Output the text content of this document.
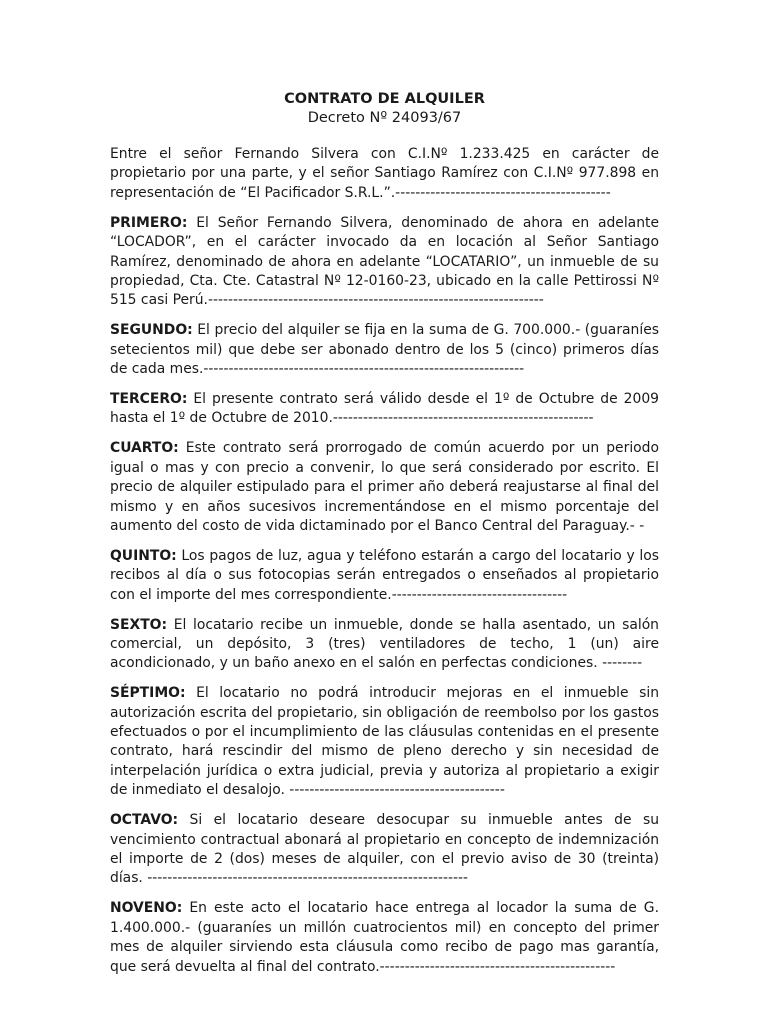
CONTRATO DE ALQUILER

Decreto Nº 24093/67

Entre el señor Fernando Silvera con C.I.Nº 1.233.425 en carácter de propietario por una parte, y el señor Santiago Ramírez con C.I.Nº 977.898 en representación de “El Pacificador S.R.L.”.-------------------------------------------

PRIMERO: El Señor Fernando Silvera, denominado de ahora en adelante “LOCADOR”, en el carácter invocado da en locación al Señor Santiago Ramírez, denominado de ahora en adelante “LOCATARIO”, un inmueble de su propiedad, Cta. Cte. Catastral Nº 12-0160-23, ubicado en la calle Pettirossi Nº 515 casi Perú.-------------------------------------------------------------------

SEGUNDO: El precio del alquiler se fija en la suma de G. 700.000.- (guaraníes setecientos mil) que debe ser abonado dentro de los 5 (cinco) primeros días de cada mes.----------------------------------------------------------------

TERCERO: El presente contrato será válido desde el 1º de Octubre de 2009 hasta el 1º de Octubre de 2010.----------------------------------------------------

CUARTO: Este contrato será prorrogado de común acuerdo por un periodo igual o mas y con precio a convenir, lo que será considerado por escrito. El precio de alquiler estipulado para el primer año deberá reajustarse al final del mismo y en años sucesivos incrementándose en el mismo porcentaje del aumento del costo de vida dictaminado por el Banco Central del Paraguay.- -

QUINTO: Los pagos de luz, agua y teléfono estarán a cargo del locatario y los recibos al día o sus fotocopias serán entregados o enseñados al propietario con el importe del mes correspondiente.-----------------------------------

SEXTO: El locatario recibe un inmueble, donde se halla asentado, un salón comercial, un depósito, 3 (tres) ventiladores de techo, 1 (un) aire acondicionado, y un baño anexo en el salón en perfectas condiciones. --------

SÉPTIMO: El locatario no podrá introducir mejoras en el inmueble sin autorización escrita del propietario, sin obligación de reembolso por los gastos efectuados o por el incumplimiento de las cláusulas contenidas en el presente contrato, hará rescindir del mismo de pleno derecho y sin necesidad de interpelación jurídica o extra judicial, previa y autoriza al propietario a exigir de inmediato el desalojo. -------------------------------------------

OCTAVO: Si el locatario deseare desocupar su inmueble antes de su vencimiento contractual abonará al propietario en concepto de indemnización el importe de 2 (dos) meses de alquiler, con el previo aviso de 30 (treinta) días. ----------------------------------------------------------------

NOVENO: En este acto el locatario hace entrega al locador la suma de G. 1.400.000.- (guaraníes un millón cuatrocientos mil) en concepto del primer mes de alquiler sirviendo esta cláusula como recibo de pago mas garantía, que será devuelta al final del contrato.-----------------------------------------------
